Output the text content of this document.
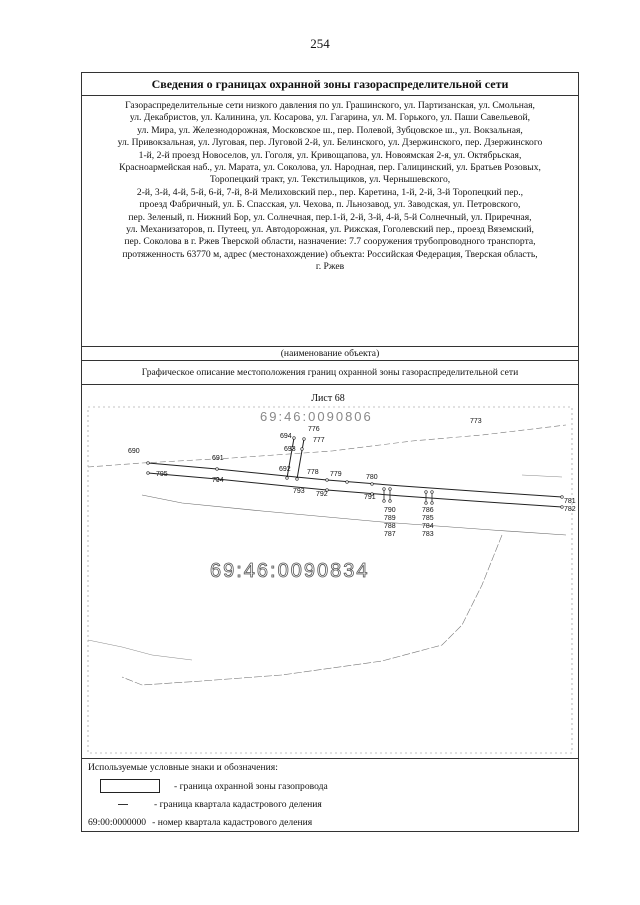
254
Сведения о границах охранной зоны газораспределительной сети
Газораспределительные сети низкого давления по ул. Грашинского, ул. Партизанская, ул. Смольная,
ул. Декабристов, ул. Калинина, ул. Косарова, ул. Гагарина, ул. М. Горького, ул. Паши Савельевой,
ул. Мира, ул. Железнодорожная, Московское ш., пер. Полевой, Зубцовское ш., ул. Вокзальная,
ул. Привокзальная, ул. Луговая, пер. Луговой 2-й, ул. Белинского, ул. Дзержинского, пер. Дзержинского
1-й, 2-й проезд Новоселов, ул. Гоголя, ул. Кривощапова, ул. Новоямская 2-я, ул. Октябрьская,
Красноармейская наб., ул. Марата, ул. Соколова, ул. Народная, пер. Галицинский, ул. Братьев Розовых,
Торопецкий тракт, ул. Текстильщиков, ул. Чернышевского,
2-й, 3-й, 4-й, 5-й, 6-й, 7-й, 8-й Мелиховский пер., пер. Каретина, 1-й, 2-й, 3-й Торопецкий пер.,
проезд Фабричный, ул. Б. Спасская, ул. Чехова, п. Льнозавод, ул. Заводская, ул. Петровского,
пер. Зеленый, п. Нижний Бор, ул. Солнечная, пер.1-й, 2-й, 3-й, 4-й, 5-й Солнечный, ул. Приречная,
ул. Механизаторов, п. Путеец, ул. Автодорожная, ул. Рижская, Гоголевский пер., проезд Вяземский,
пер. Соколова в г. Ржев Тверской области, назначение: 7.7 сооружения трубопроводного транспорта,
протяженность 63770 м, адрес (местонахождение) объекта: Российская Федерация, Тверская область,
г. Ржев
(наименование объекта)
Графическое описание местоположения границ охранной зоны газораспределительной сети
Лист 68
69:46:0090806
690
691
692
693
694
776
777
778 779	780
781
782
783
784
785
786
787
788
789
790
791
792
793
794
795
773
69:46:0090834
Используемые условные знаки и обозначения:
- граница охранной зоны газопровода
- граница квартала кадастрового деления
69:00:0000000 - номер квартала кадастрового деления
